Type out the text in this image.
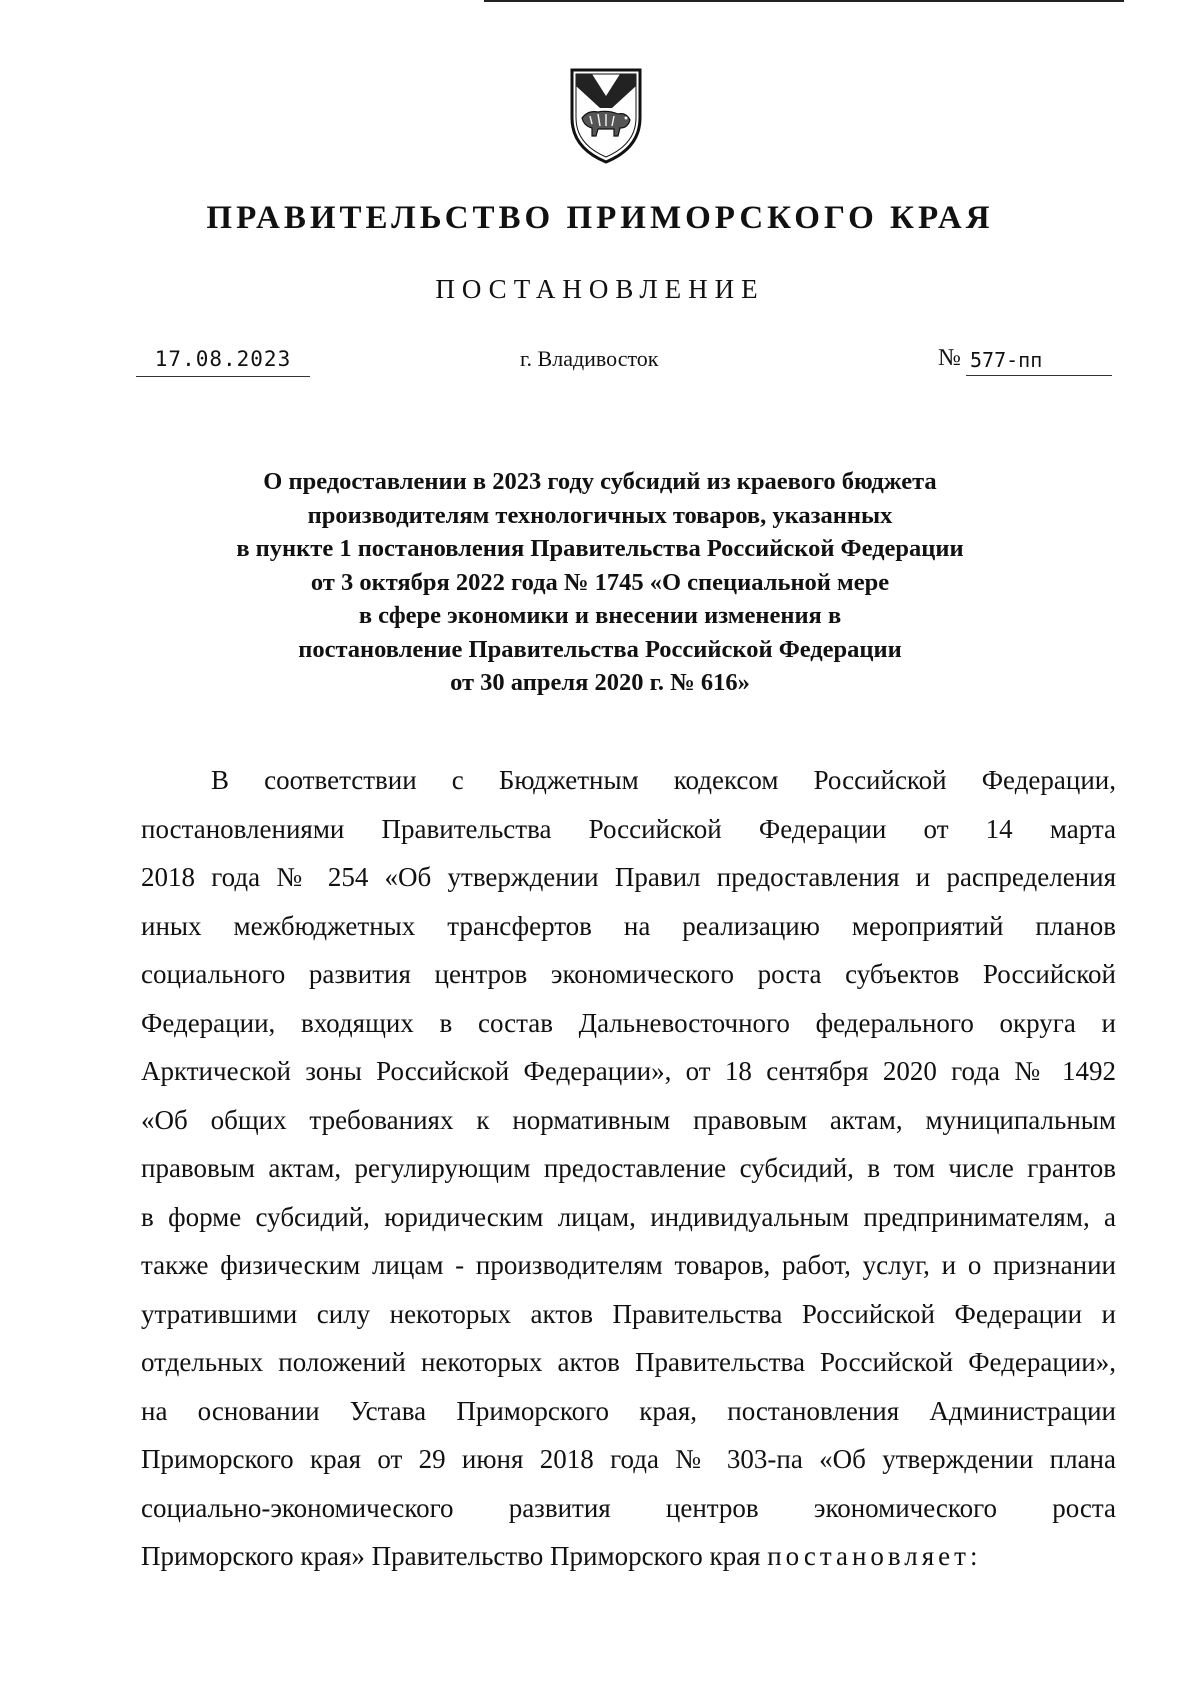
ПРАВИТЕЛЬСТВО ПРИМОРСКОГО КРАЯ
ПОСТАНОВЛЕНИЕ
17.08.2023	г. Владивосток	№ 577-пп
О предоставлении в 2023 году субсидий из краевого бюджета
производителям технологичных товаров, указанных
в пункте 1 постановления Правительства Российской Федерации
от 3 октября 2022 года № 1745 «О специальной мере
в сфере экономики и внесении изменения в
постановление Правительства Российской Федерации
от 30 апреля 2020 г. № 616»
В соответствии с Бюджетным кодексом Российской Федерации,
постановлениями Правительства Российской Федерации от 14 марта
2018 года № 254 «Об утверждении Правил предоставления и распределения
иных межбюджетных трансфертов на реализацию мероприятий планов
социального развития центров экономического роста субъектов Российской
Федерации, входящих в состав Дальневосточного федерального округа и
Арктической зоны Российской Федерации», от 18 сентября 2020 года № 1492
«Об общих требованиях к нормативным правовым актам, муниципальным
правовым актам, регулирующим предоставление субсидий, в том числе грантов
в форме субсидий, юридическим лицам, индивидуальным предпринимателям, а
также физическим лицам - производителям товаров, работ, услуг, и о признании
утратившими силу некоторых актов Правительства Российской Федерации и
отдельных положений некоторых актов Правительства Российской Федерации»,
на основании Устава Приморского края, постановления Администрации
Приморского края от 29 июня 2018 года № 303-па «Об утверждении плана
социально-экономического развития центров экономического роста
Приморского края» Правительство Приморского края постановляет:
